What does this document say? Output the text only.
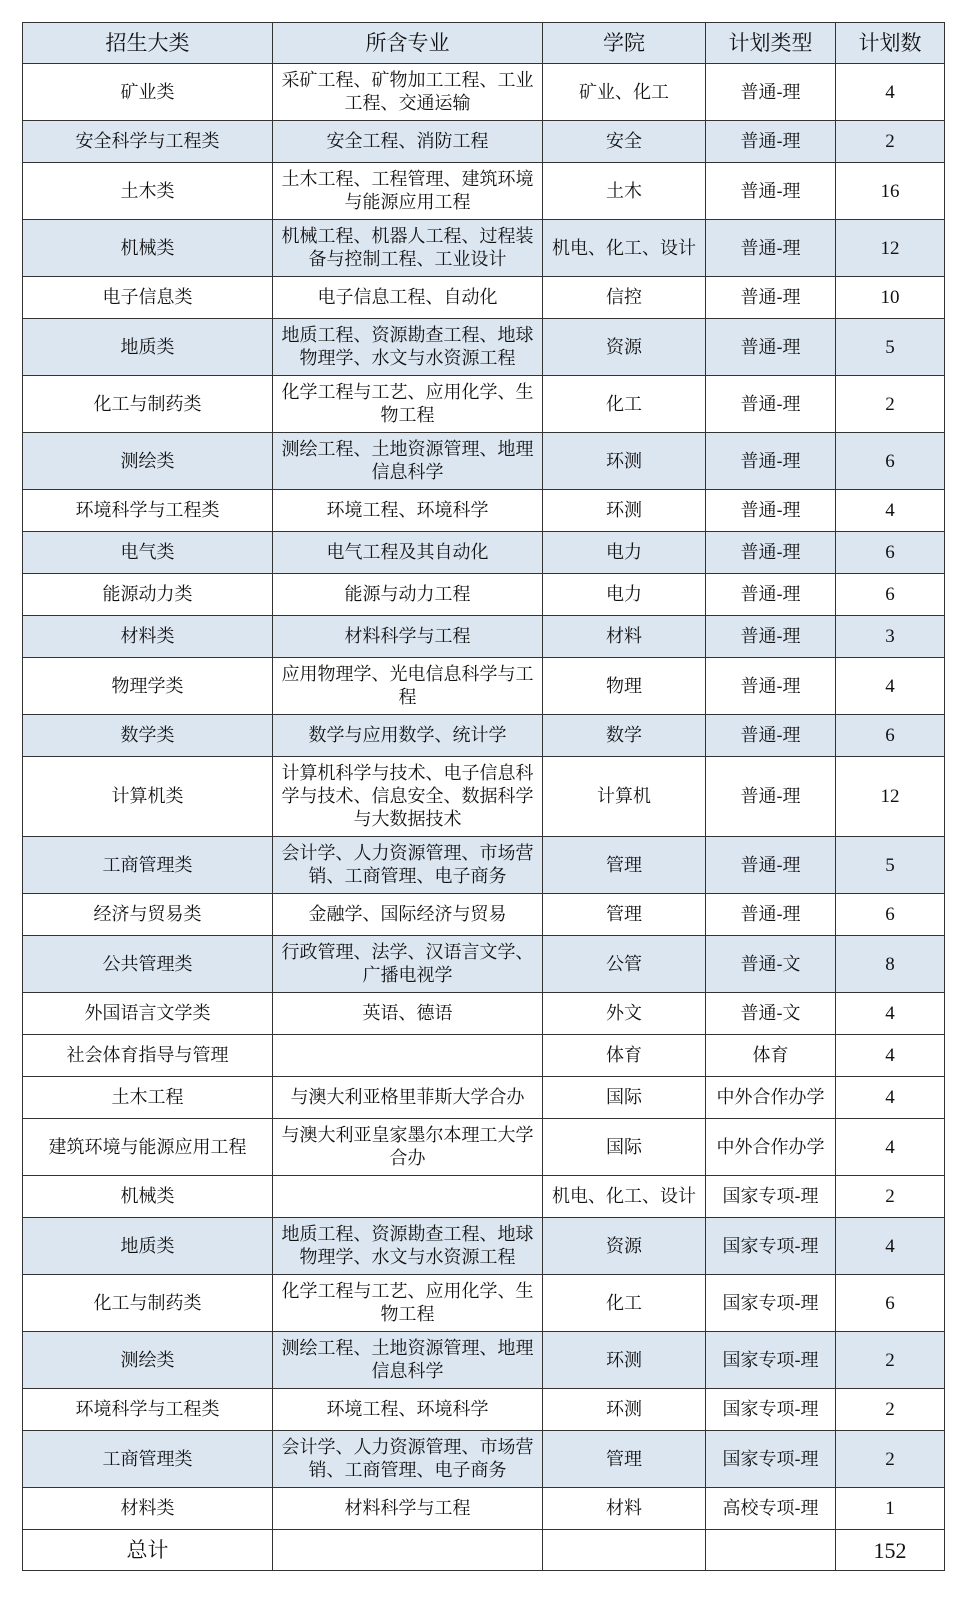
招生大类	所含专业	学院	计划类型	计划数
矿业类	采矿工程、矿物加工工程、工业工程、交通运输	矿业、化工	普通-理	4
安全科学与工程类	安全工程、消防工程	安全	普通-理	2
土木类	土木工程、工程管理、建筑环境与能源应用工程	土木	普通-理	16
机械类	机械工程、机器人工程、过程装备与控制工程、工业设计	机电、化工、设计	普通-理	12
电子信息类	电子信息工程、自动化	信控	普通-理	10
地质类	地质工程、资源勘查工程、地球物理学、水文与水资源工程	资源	普通-理	5
化工与制药类	化学工程与工艺、应用化学、生物工程	化工	普通-理	2
测绘类	测绘工程、土地资源管理、地理信息科学	环测	普通-理	6
环境科学与工程类	环境工程、环境科学	环测	普通-理	4
电气类	电气工程及其自动化	电力	普通-理	6
能源动力类	能源与动力工程	电力	普通-理	6
材料类	材料科学与工程	材料	普通-理	3
物理学类	应用物理学、光电信息科学与工程	物理	普通-理	4
数学类	数学与应用数学、统计学	数学	普通-理	6
计算机类	计算机科学与技术、电子信息科学与技术、信息安全、数据科学与大数据技术	计算机	普通-理	12
工商管理类	会计学、人力资源管理、市场营销、工商管理、电子商务	管理	普通-理	5
经济与贸易类	金融学、国际经济与贸易	管理	普通-理	6
公共管理类	行政管理、法学、汉语言文学、广播电视学	公管	普通-文	8
外国语言文学类	英语、德语	外文	普通-文	4
社会体育指导与管理		体育	体育	4
土木工程	与澳大利亚格里菲斯大学合办	国际	中外合作办学	4
建筑环境与能源应用工程	与澳大利亚皇家墨尔本理工大学合办	国际	中外合作办学	4
机械类		机电、化工、设计	国家专项-理	2
地质类	地质工程、资源勘查工程、地球物理学、水文与水资源工程	资源	国家专项-理	4
化工与制药类	化学工程与工艺、应用化学、生物工程	化工	国家专项-理	6
测绘类	测绘工程、土地资源管理、地理信息科学	环测	国家专项-理	2
环境科学与工程类	环境工程、环境科学	环测	国家专项-理	2
工商管理类	会计学、人力资源管理、市场营销、工商管理、电子商务	管理	国家专项-理	2
材料类	材料科学与工程	材料	高校专项-理	1
总计				152
